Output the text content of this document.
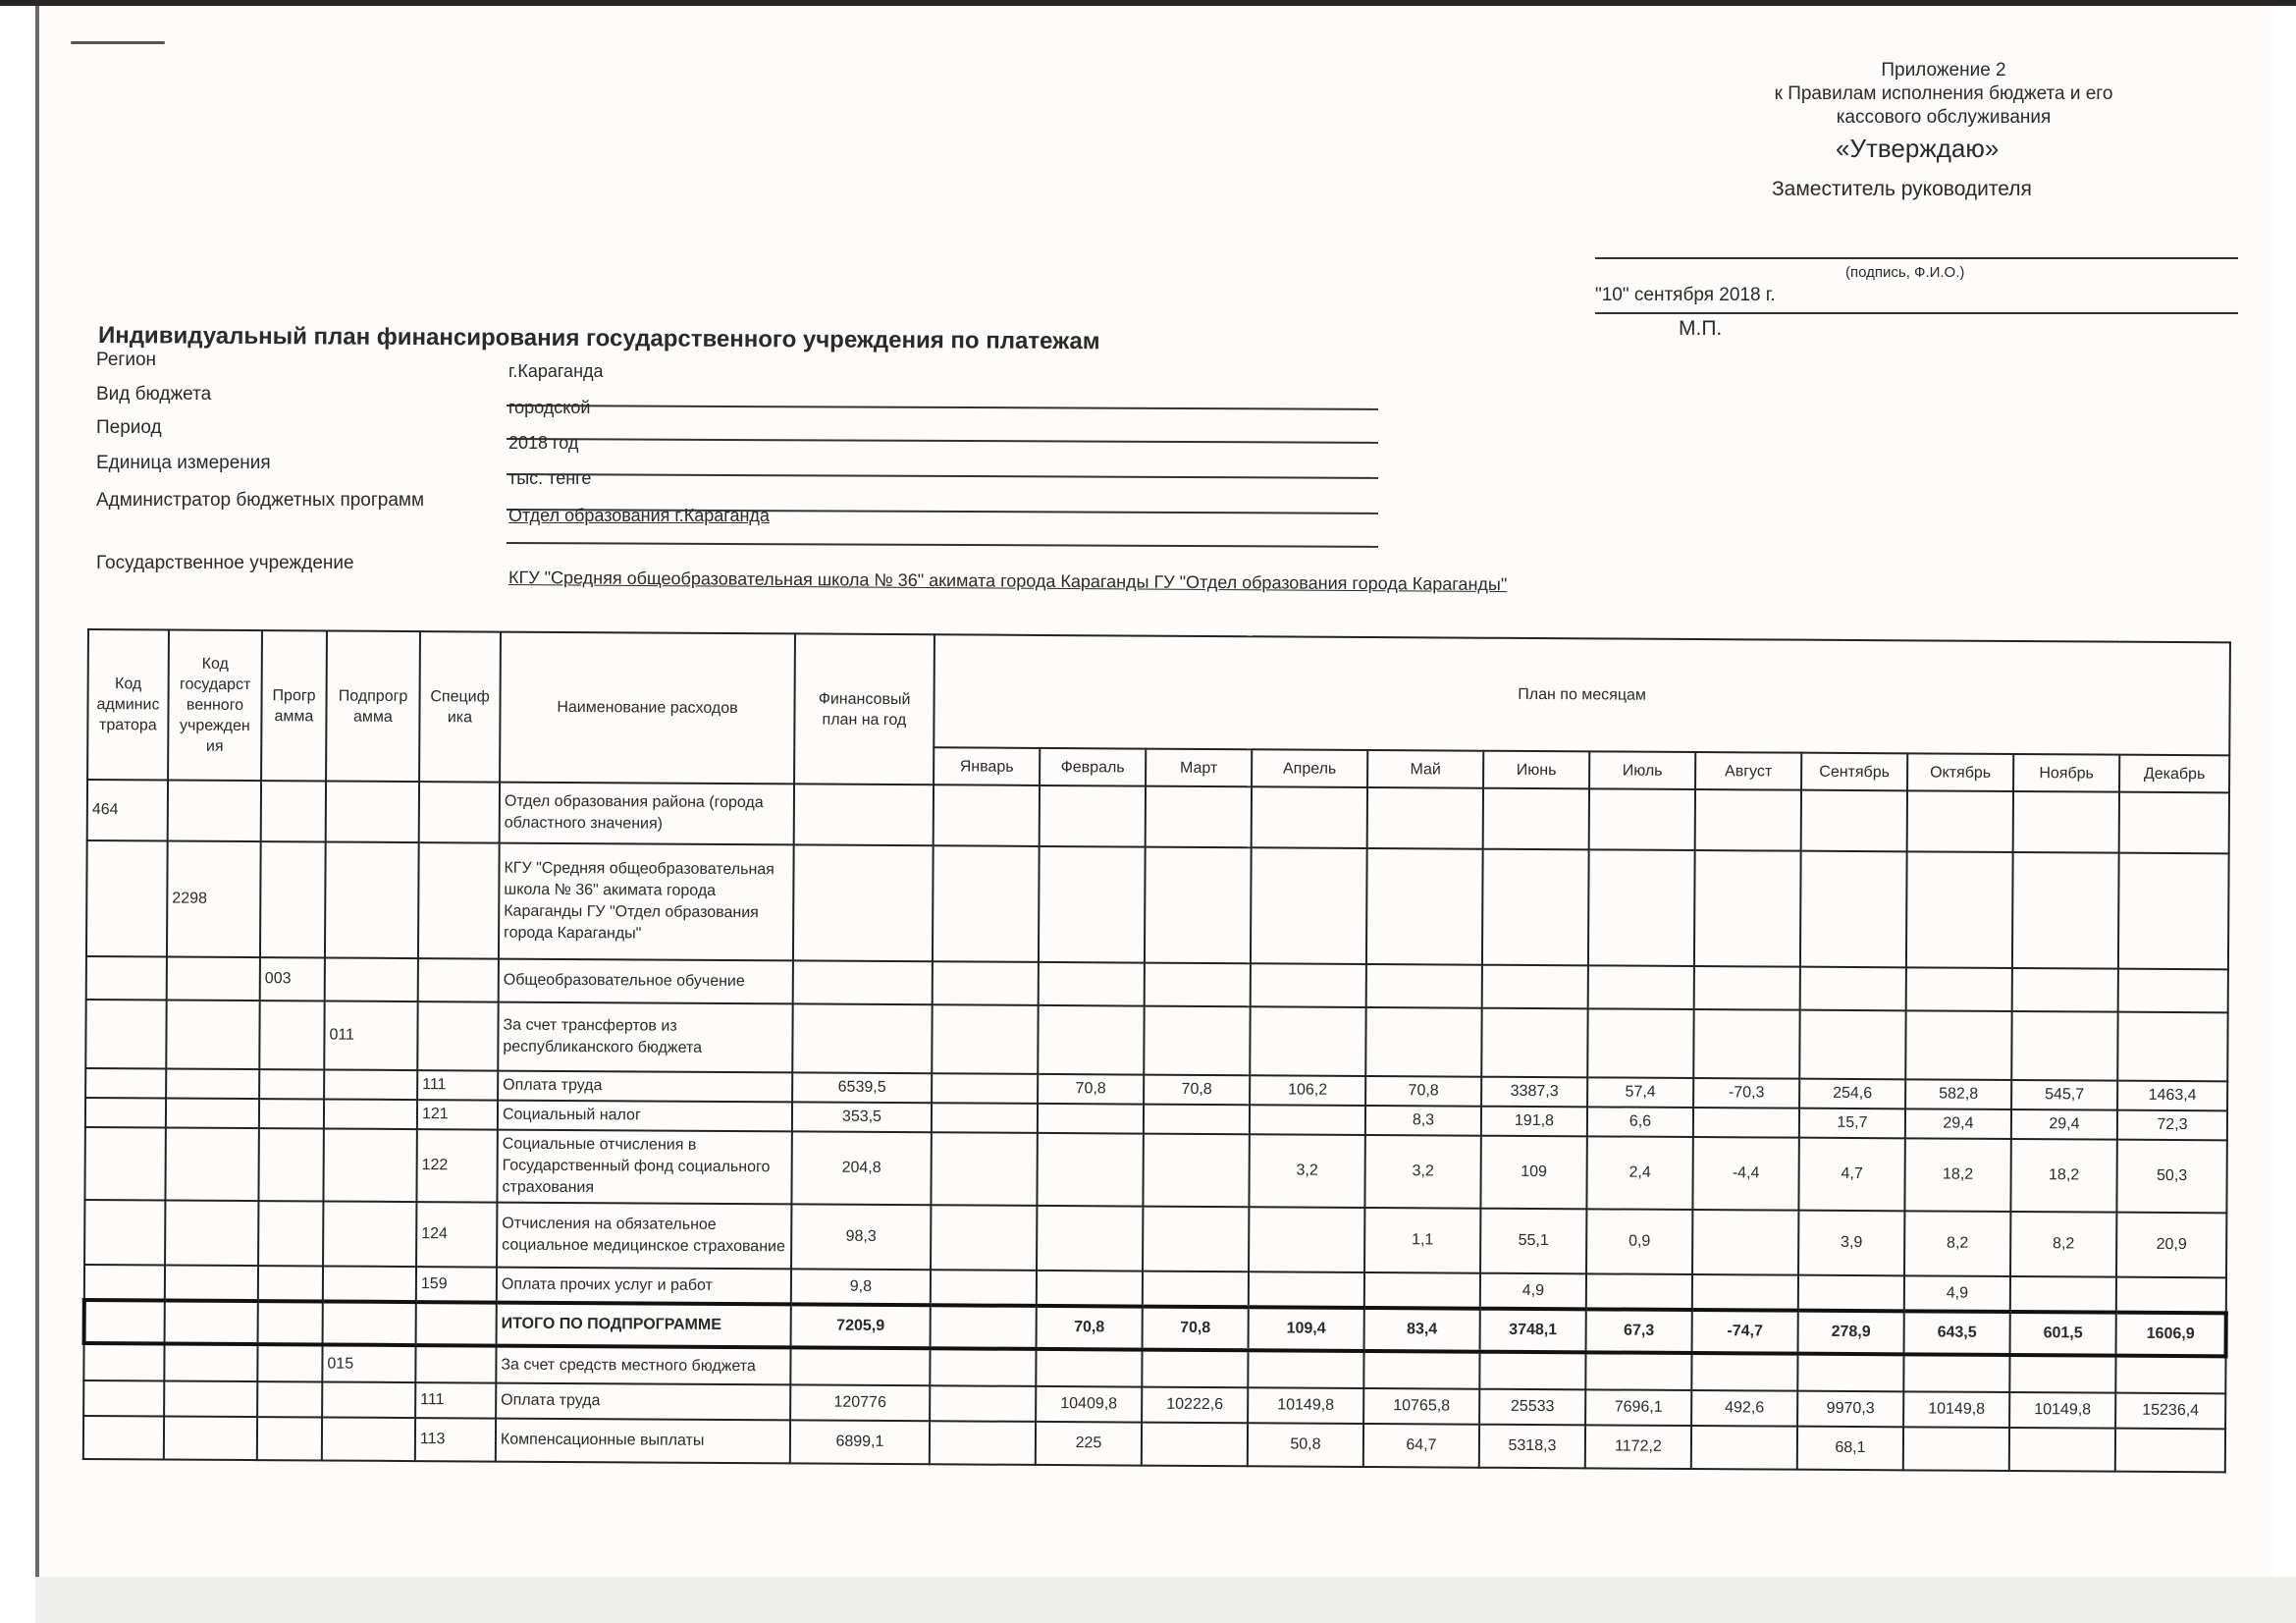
Приложение 2
к Правилам исполнения бюджета и его
кассового обслуживания
«Утверждаю»
Заместитель руководителя
(подпись, Ф.И.О.)
"10" сентября 2018 г.
М.П.
Индивидуальный план финансирования государственного учреждения по платежам
Регион
г.Караганда
Вид бюджета
городской
Период
2018 год
Единица измерения
тыс. тенге
Администратор бюджетных программ
Отдел образования г.Караганда
Государственное учреждение
КГУ "Средняя общеобразовательная школа № 36" акимата города Караганды ГУ "Отдел образования города Караганды"
Код
админис
тратора	Код
государст
венного
учрежден
ия	Прогр
амма	Подпрогр
амма	Специф
ика	Наименование расходов	Финансовый план на год	План по месяцам											
							Январь	Февраль	Март	Апрель	Май	Июнь	Июль	Август	Сентябрь	Октябрь	Ноябрь	Декабрь
464					Отдел образования района (города областного значения)													
	2298				КГУ "Средняя общеобразовательная школа № 36" акимата города Караганды ГУ "Отдел образования города Караганды"													
		003			Общеобразовательное обучение													
			011		За счет трансфертов из республиканского бюджета													
				111	Оплата труда	6539,5		70,8	70,8	106,2	70,8	3387,3	57,4	-70,3	254,6	582,8	545,7	1463,4
				121	Социальный налог	353,5					8,3	191,8	6,6		15,7	29,4	29,4	72,3
				122	Социальные отчисления в Государственный фонд социального страхования	204,8				3,2	3,2	109	2,4	-4,4	4,7	18,2	18,2	50,3
				124	Отчисления на обязательное социальное медицинское страхование	98,3					1,1	55,1	0,9		3,9	8,2	8,2	20,9
				159	Оплата прочих услуг и работ	9,8						4,9				4,9		
					ИТОГО ПО ПОДПРОГРАММЕ	7205,9		70,8	70,8	109,4	83,4	3748,1	67,3	-74,7	278,9	643,5	601,5	1606,9
			015		За счет средств местного бюджета													
				111	Оплата труда	120776		10409,8	10222,6	10149,8	10765,8	25533	7696,1	492,6	9970,3	10149,8	10149,8	15236,4
				113	Компенсационные выплаты	6899,1		225		50,8	64,7	5318,3	1172,2		68,1			
